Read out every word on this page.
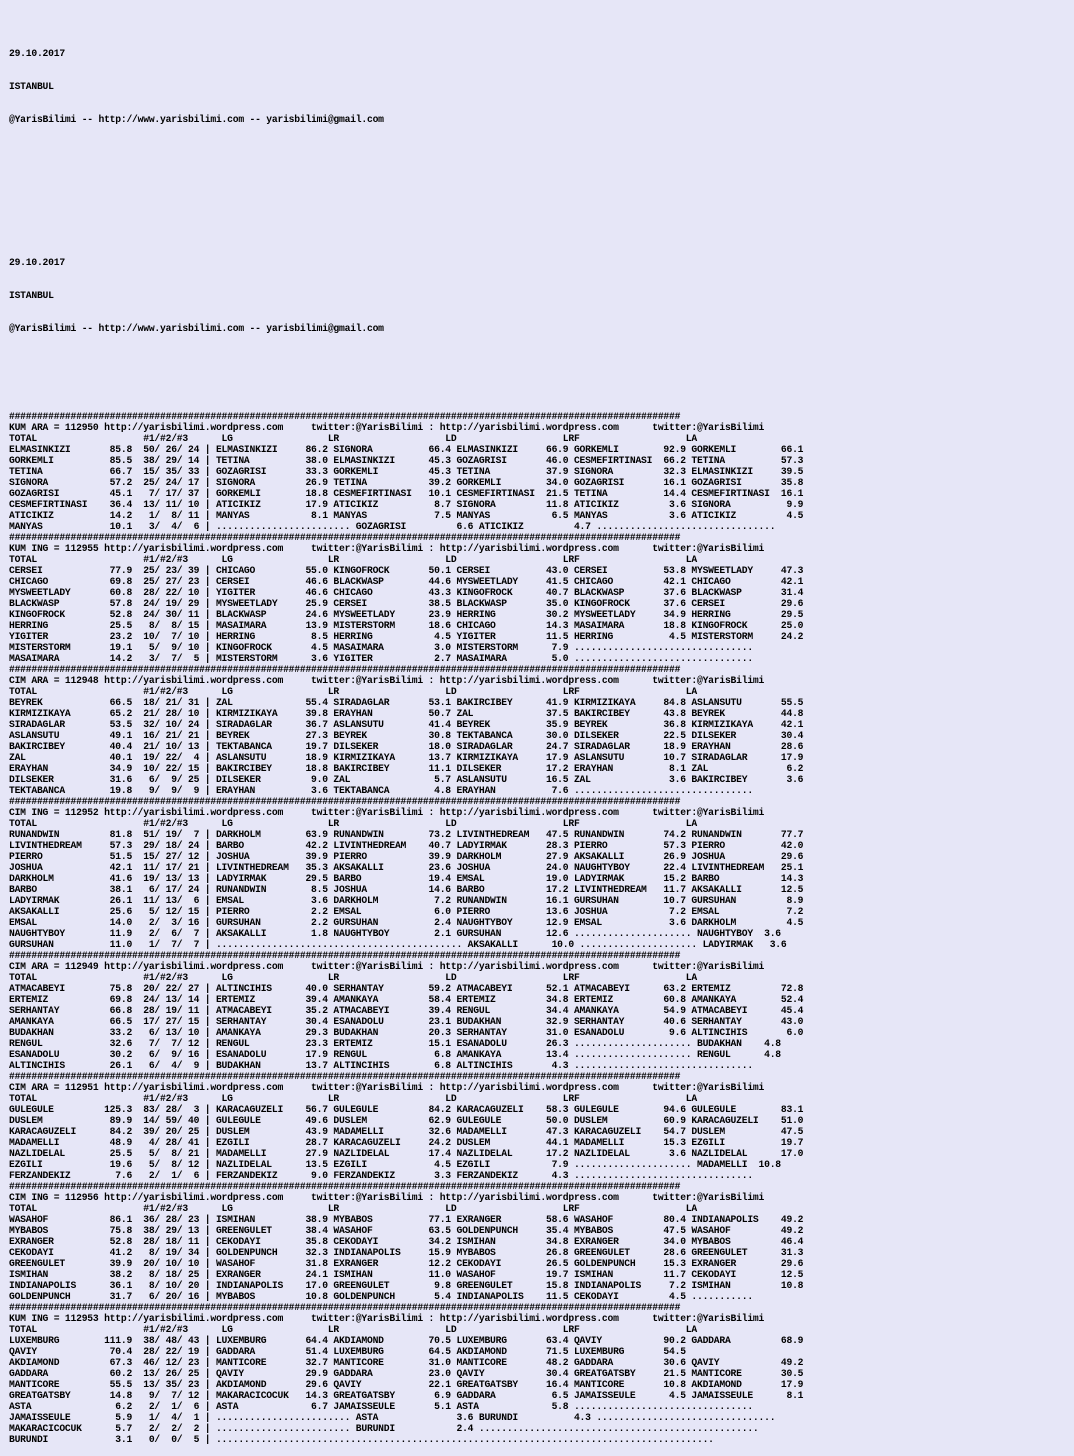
29.10.2017

ISTANBUL

@YarisBilimi -- http://www.yarisbilimi.com -- yarisbilimi@gmail.com

29.10.2017

ISTANBUL

@YarisBilimi -- http://www.yarisbilimi.com -- yarisbilimi@gmail.com

########################################################################################################################
KUM ARA = 112950 http://yarisbilimi.wordpress.com     twitter:@YarisBilimi : http://yarisbilimi.wordpress.com      twitter:@YarisBilimi
TOTAL                   #1/#2/#3      LG                 LR                   LD                   LRF                   LA
ELMASINKIZI       85.8  50/ 26/ 24 | ELMASINKIZI     86.2 SIGNORA          66.4 ELMASINKIZI     66.9 GORKEMLI        92.9 GORKEMLI        66.1
GORKEMLI          85.5  38/ 29/ 14 | TETINA          38.0 ELMASINKIZI      45.3 GOZAGRISI       46.0 CESMEFIRTINASI  66.2 TETINA          57.3
TETINA            66.7  15/ 35/ 33 | GOZAGRISI       33.3 GORKEMLI         45.3 TETINA          37.9 SIGNORA         32.3 ELMASINKIZI     39.5
SIGNORA           57.2  25/ 24/ 17 | SIGNORA         26.9 TETINA           39.2 GORKEMLI        34.0 GOZAGRISI       16.1 GOZAGRISI       35.8
GOZAGRISI         45.1   7/ 17/ 37 | GORKEMLI        18.8 CESMEFIRTINASI   10.1 CESMEFIRTINASI  21.5 TETINA          14.4 CESMEFIRTINASI  16.1
CESMEFIRTINASI    36.4  13/ 11/ 10 | ATICIKIZ        17.9 ATICIKIZ          8.7 SIGNORA         11.8 ATICIKIZ         3.6 SIGNORA          9.9
ATICIKIZ          14.2   1/  8/ 11 | MANYAS           8.1 MANYAS            7.5 MANYAS           6.5 MANYAS           3.6 ATICIKIZ         4.5
MANYAS            10.1   3/  4/  6 | ........................ GOZAGRISI         6.6 ATICIKIZ         4.7 ................................
########################################################################################################################
KUM ING = 112955 http://yarisbilimi.wordpress.com     twitter:@YarisBilimi : http://yarisbilimi.wordpress.com      twitter:@YarisBilimi
TOTAL                   #1/#2/#3      LG                 LR                   LD                   LRF                   LA
CERSEI            77.9  25/ 23/ 39 | CHICAGO         55.0 KINGOFROCK       50.1 CERSEI          43.0 CERSEI          53.8 MYSWEETLADY     47.3
CHICAGO           69.8  25/ 27/ 23 | CERSEI          46.6 BLACKWASP        44.6 MYSWEETLADY     41.5 CHICAGO         42.1 CHICAGO         42.1
MYSWEETLADY       60.8  28/ 22/ 10 | YIGITER         46.6 CHICAGO          43.3 KINGOFROCK      40.7 BLACKWASP       37.6 BLACKWASP       31.4
BLACKWASP         57.8  24/ 19/ 29 | MYSWEETLADY     25.9 CERSEI           38.5 BLACKWASP       35.0 KINGOFROCK      37.6 CERSEI          29.6
KINGOFROCK        52.8  24/ 30/ 11 | BLACKWASP       24.6 MYSWEETLADY      23.9 HERRING         30.2 MYSWEETLADY     34.9 HERRING         29.5
HERRING           25.5   8/  8/ 15 | MASAIMARA       13.9 MISTERSTORM      18.6 CHICAGO         14.3 MASAIMARA       18.8 KINGOFROCK      25.0
YIGITER           23.2  10/  7/ 10 | HERRING          8.5 HERRING           4.5 YIGITER         11.5 HERRING          4.5 MISTERSTORM     24.2
MISTERSTORM       19.1   5/  9/ 10 | KINGOFROCK       4.5 MASAIMARA         3.0 MISTERSTORM      7.9 ................................
MASAIMARA         14.2   3/  7/  5 | MISTERSTORM      3.6 YIGITER           2.7 MASAIMARA        5.0 ................................
########################################################################################################################
CIM ARA = 112948 http://yarisbilimi.wordpress.com     twitter:@YarisBilimi : http://yarisbilimi.wordpress.com      twitter:@YarisBilimi
TOTAL                   #1/#2/#3      LG                 LR                   LD                   LRF                   LA
BEYREK            66.5  18/ 21/ 31 | ZAL             55.4 SIRADAGLAR       53.1 BAKIRCIBEY      41.9 KIRMIZIKAYA     84.8 ASLANSUTU       55.5
KIRMIZIKAYA       65.2  21/ 28/ 10 | KIRMIZIKAYA     39.8 ERAYHAN          50.7 ZAL             37.5 BAKIRCIBEY      43.8 BEYREK          44.8
SIRADAGLAR        53.5  32/ 10/ 24 | SIRADAGLAR      36.7 ASLANSUTU        41.4 BEYREK          35.9 BEYREK          36.8 KIRMIZIKAYA     42.1
ASLANSUTU         49.1  16/ 21/ 21 | BEYREK          27.3 BEYREK           30.8 TEKTABANCA      30.0 DILSEKER        22.5 DILSEKER        30.4
BAKIRCIBEY        40.4  21/ 10/ 13 | TEKTABANCA      19.7 DILSEKER         18.0 SIRADAGLAR      24.7 SIRADAGLAR      18.9 ERAYHAN         28.6
ZAL               40.1  19/ 22/  4 | ASLANSUTU       18.9 KIRMIZIKAYA      13.7 KIRMIZIKAYA     17.9 ASLANSUTU       10.7 SIRADAGLAR      17.9
ERAYHAN           34.9  10/ 22/ 15 | BAKIRCIBEY      18.8 BAKIRCIBEY       11.1 DILSEKER        17.2 ERAYHAN          8.1 ZAL              6.2
DILSEKER          31.6   6/  9/ 25 | DILSEKER         9.0 ZAL               5.7 ASLANSUTU       16.5 ZAL              3.6 BAKIRCIBEY       3.6
TEKTABANCA        19.8   9/  9/  9 | ERAYHAN          3.6 TEKTABANCA        4.8 ERAYHAN          7.6 ................................
########################################################################################################################
CIM ING = 112952 http://yarisbilimi.wordpress.com     twitter:@YarisBilimi : http://yarisbilimi.wordpress.com      twitter:@YarisBilimi
TOTAL                   #1/#2/#3      LG                 LR                   LD                   LRF                   LA
RUNANDWIN         81.8  51/ 19/  7 | DARKHOLM        63.9 RUNANDWIN        73.2 LIVINTHEDREAM   47.5 RUNANDWIN       74.2 RUNANDWIN       77.7
LIVINTHEDREAM     57.3  29/ 18/ 24 | BARBO           42.2 LIVINTHEDREAM    40.7 LADYIRMAK       28.3 PIERRO          57.3 PIERRO          42.0
PIERRO            51.5  15/ 27/ 12 | JOSHUA          39.9 PIERRO           39.9 DARKHOLM        27.9 AKSAKALLI       26.9 JOSHUA          29.6
JOSHUA            42.1  11/ 17/ 21 | LIVINTHEDREAM   35.3 AKSAKALLI        23.6 JOSHUA          24.0 NAUGHTYBOY      22.4 LIVINTHEDREAM   25.1
DARKHOLM          41.6  19/ 13/ 13 | LADYIRMAK       29.5 BARBO            19.4 EMSAL           19.0 LADYIRMAK       15.2 BARBO           14.3
BARBO             38.1   6/ 17/ 24 | RUNANDWIN        8.5 JOSHUA           14.6 BARBO           17.2 LIVINTHEDREAM   11.7 AKSAKALLI       12.5
LADYIRMAK         26.1  11/ 13/  6 | EMSAL            3.6 DARKHOLM          7.2 RUNANDWIN       16.1 GURSUHAN        10.7 GURSUHAN         8.9
AKSAKALLI         25.6   5/ 12/ 15 | PIERRO           2.2 EMSAL             6.0 PIERRO          13.6 JOSHUA           7.2 EMSAL            7.2
EMSAL             14.0   2/  3/ 16 | GURSUHAN         2.2 GURSUHAN          2.4 NAUGHTYBOY      12.9 EMSAL            3.6 DARKHOLM         4.5
NAUGHTYBOY        11.9   2/  6/  7 | AKSAKALLI        1.8 NAUGHTYBOY        2.1 GURSUHAN        12.6 ..................... NAUGHTYBOY  3.6
GURSUHAN          11.0   1/  7/  7 | ............................................ AKSAKALLI      10.0 ..................... LADYIRMAK   3.6
########################################################################################################################
CIM ARA = 112949 http://yarisbilimi.wordpress.com     twitter:@YarisBilimi : http://yarisbilimi.wordpress.com      twitter:@YarisBilimi
TOTAL                   #1/#2/#3      LG                 LR                   LD                   LRF                   LA
ATMACABEYI        75.8  20/ 22/ 27 | ALTINCIHIS      40.0 SERHANTAY        59.2 ATMACABEYI      52.1 ATMACABEYI      63.2 ERTEMIZ         72.8
ERTEMIZ           69.8  24/ 13/ 14 | ERTEMIZ         39.4 AMANKAYA         58.4 ERTEMIZ         34.8 ERTEMIZ         60.8 AMANKAYA        52.4
SERHANTAY         66.8  28/ 19/ 11 | ATMACABEYI      35.2 ATMACABEYI       39.4 RENGUL          34.4 AMANKAYA        54.9 ATMACABEYI      45.4
AMANKAYA          66.5  17/ 27/ 15 | SERHANTAY       30.4 ESANADOLU        23.1 BUDAKHAN        32.9 SERHANTAY       40.6 SERHANTAY       43.0
BUDAKHAN          33.2   6/ 13/ 10 | AMANKAYA        29.3 BUDAKHAN         20.3 SERHANTAY       31.0 ESANADOLU        9.6 ALTINCIHIS       6.0
RENGUL            32.6   7/  7/ 12 | RENGUL          23.3 ERTEMIZ          15.1 ESANADOLU       26.3 ..................... BUDAKHAN    4.8
ESANADOLU         30.2   6/  9/ 16 | ESANADOLU       17.9 RENGUL            6.8 AMANKAYA        13.4 ..................... RENGUL      4.8
ALTINCIHIS        26.1   6/  4/  9 | BUDAKHAN        13.7 ALTINCIHIS        6.8 ALTINCIHIS       4.3 ................................
########################################################################################################################
CIM ARA = 112951 http://yarisbilimi.wordpress.com     twitter:@YarisBilimi : http://yarisbilimi.wordpress.com      twitter:@YarisBilimi
TOTAL                   #1/#2/#3      LG                 LR                   LD                   LRF                   LA
GULEGULE         125.3  83/ 28/  3 | KARACAGUZELI    56.7 GULEGULE         84.2 KARACAGUZELI    58.3 GULEGULE        94.6 GULEGULE        83.1
DUSLEM            89.9  14/ 59/ 40 | GULEGULE        49.6 DUSLEM           62.9 GULEGULE        50.0 DUSLEM          60.9 KARACAGUZELI    51.0
KARACAGUZELI      84.2  39/ 20/ 25 | DUSLEM          43.9 MADAMELLI        32.6 MADAMELLI       47.3 KARACAGUZELI    54.7 DUSLEM          47.5
MADAMELLI         48.9   4/ 28/ 41 | EZGILI          28.7 KARACAGUZELI     24.2 DUSLEM          44.1 MADAMELLI       15.3 EZGILI          19.7
NAZLIDELAL        25.5   5/  8/ 21 | MADAMELLI       27.9 NAZLIDELAL       17.4 NAZLIDELAL      17.2 NAZLIDELAL       3.6 NAZLIDELAL      17.0
EZGILI            19.6   5/  8/ 12 | NAZLIDELAL      13.5 EZGILI            4.5 EZGILI           7.9 ..................... MADAMELLI  10.8
FERZANDEKIZ        7.6   2/  1/  6 | FERZANDEKIZ      9.0 FERZANDEKIZ       3.3 FERZANDEKIZ      4.3 ................................
########################################################################################################################
CIM ING = 112956 http://yarisbilimi.wordpress.com     twitter:@YarisBilimi : http://yarisbilimi.wordpress.com      twitter:@YarisBilimi
TOTAL                   #1/#2/#3      LG                 LR                   LD                   LRF                   LA
WASAHOF           86.1  36/ 28/ 23 | ISMIHAN         38.9 MYBABOS          77.1 EXRANGER        58.6 WASAHOF         80.4 INDIANAPOLIS    49.2
MYBABOS           75.8  38/ 29/ 13 | GREENGULET      38.4 WASAHOF          63.5 GOLDENPUNCH     35.4 MYBABOS         47.5 WASAHOF         49.2
EXRANGER          52.8  28/ 18/ 11 | CEKODAYI        35.8 CEKODAYI         34.2 ISMIHAN         34.8 EXRANGER        34.0 MYBABOS         46.4
CEKODAYI          41.2   8/ 19/ 34 | GOLDENPUNCH     32.3 INDIANAPOLIS     15.9 MYBABOS         26.8 GREENGULET      28.6 GREENGULET      31.3
GREENGULET        39.9  20/ 10/ 10 | WASAHOF         31.8 EXRANGER         12.2 CEKODAYI        26.5 GOLDENPUNCH     15.3 EXRANGER        29.6
ISMIHAN           38.2   8/ 18/ 25 | EXRANGER        24.1 ISMIHAN          11.0 WASAHOF         19.7 ISMIHAN         11.7 CEKODAYI        12.5
INDIANAPOLIS      36.1   8/ 10/ 20 | INDIANAPOLIS    17.0 GREENGULET        9.8 GREENGULET      15.8 INDIANAPOLIS     7.2 ISMIHAN         10.8
GOLDENPUNCH       31.7   6/ 20/ 16 | MYBABOS         10.8 GOLDENPUNCH       5.4 INDIANAPOLIS    11.5 CEKODAYI         4.5 ...........
########################################################################################################################
KUM ING = 112953 http://yarisbilimi.wordpress.com     twitter:@YarisBilimi : http://yarisbilimi.wordpress.com      twitter:@YarisBilimi
TOTAL                   #1/#2/#3      LG                 LR                   LD                   LRF                   LA
LUXEMBURG        111.9  38/ 48/ 43 | LUXEMBURG       64.4 AKDIAMOND        70.5 LUXEMBURG       63.4 QAVIY           90.2 GADDARA         68.9
QAVIY             70.4  28/ 22/ 19 | GADDARA         51.4 LUXEMBURG        64.5 AKDIAMOND       71.5 LUXEMBURG       54.5
AKDIAMOND         67.3  46/ 12/ 23 | MANTICORE       32.7 MANTICORE        31.0 MANTICORE       48.2 GADDARA         30.6 QAVIY           49.2
GADDARA           60.2  13/ 26/ 25 | QAVIY           29.9 GADDARA          23.0 QAVIY           30.4 GREATGATSBY     21.5 MANTICORE       30.5
MANTICORE         55.5  13/ 35/ 23 | AKDIAMOND       29.6 QAVIY            22.1 GREATGATSBY     16.4 MANTICORE       10.8 AKDIAMOND       17.9
GREATGATSBY       14.8   9/  7/ 12 | MAKARACICOCUK   14.3 GREATGATSBY       6.9 GADDARA          6.5 JAMAISSEULE      4.5 JAMAISSEULE      8.1
ASTA               6.2   2/  1/  6 | ASTA             6.7 JAMAISSEULE       5.1 ASTA             5.8 ................................
JAMAISSEULE        5.9   1/  4/  1 | ........................ ASTA              3.6 BURUNDI          4.3 ................................
MAKARACICOCUK      5.7   2/  2/  2 | ........................ BURUNDI           2.4 ..................................................
BURUNDI            3.1   0/  0/  5 | .........................................................................................
